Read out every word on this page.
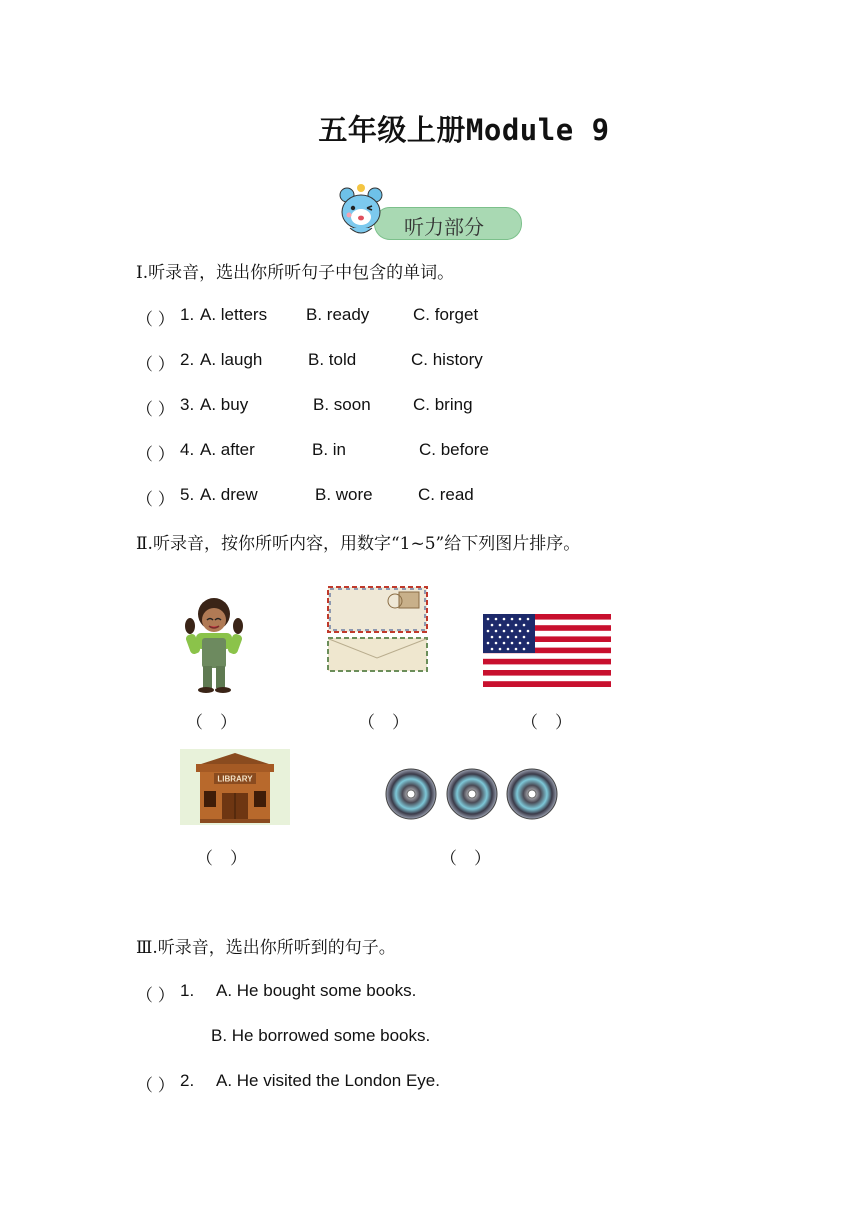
五年级上册Module 9
听力部分
Ⅰ.听录音，选出你所听句子中包含的单词。
（ ） 1. A. letters B. ready	C. forget
（ ） 2. A. laugh	B. told	C. history
（ ） 3. A. buy	B. soon C. bring
（ ） 4. A. after	B. in	C. before
（ ） 5. A. drew	B. wore	C. read
Ⅱ.听录音，按你所听内容，用数字“1~5”给下列图片排序。
（　）	（　）	（　）
LIBRARY
（　）	（　）
Ⅲ.听录音，选出你所听到的句子。
（ ） 1. A. He bought some books.
B. He borrowed some books.
（ ） 2. A. He visited the London Eye.
